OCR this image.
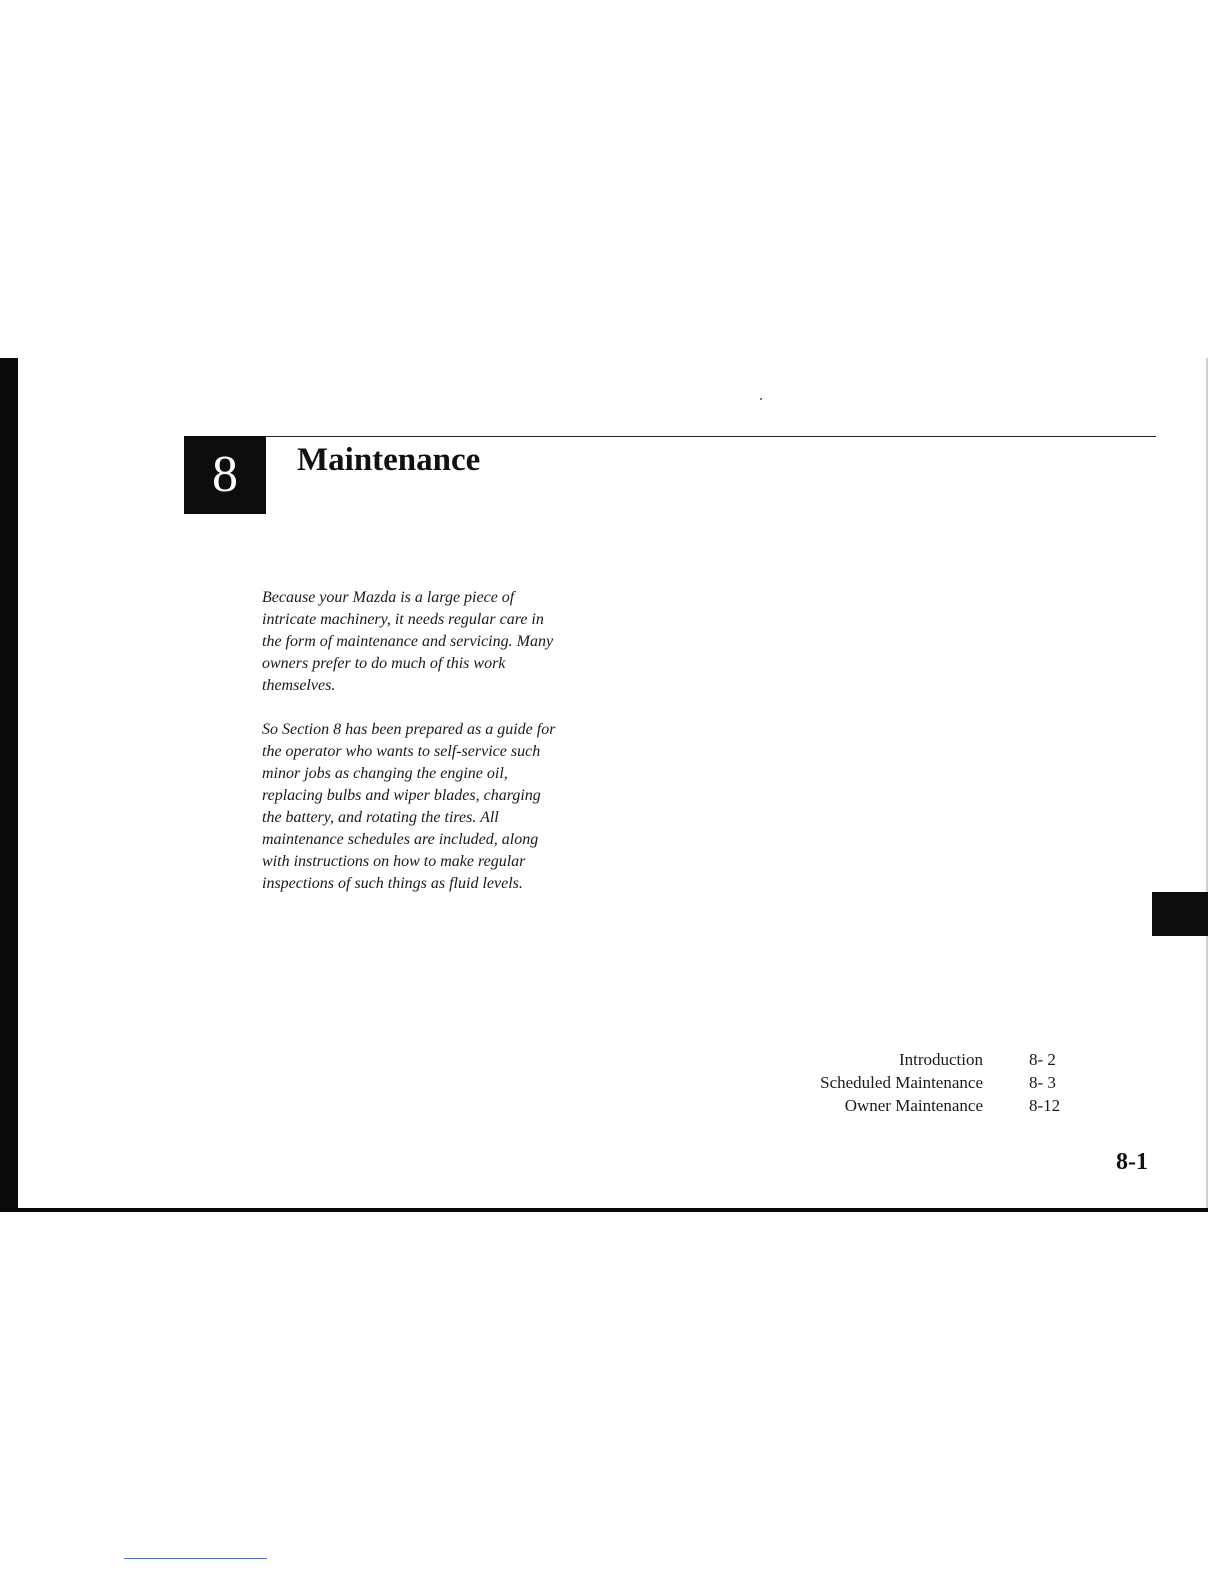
8	Maintenance

Because your Mazda is a large piece of
intricate machinery, it needs regular care in
the form of maintenance and servicing. Many
owners prefer to do much of this work
themselves.

So Section 8 has been prepared as a guide for
the operator who wants to self-service such
minor jobs as changing the engine oil,
replacing bulbs and wiper blades, charging
the battery, and rotating the tires. All
maintenance schedules are included, along
with instructions on how to make regular
inspections of such things as fluid levels.

Introduction	8- 2
Scheduled Maintenance	8- 3
Owner Maintenance	8-12
8-1
